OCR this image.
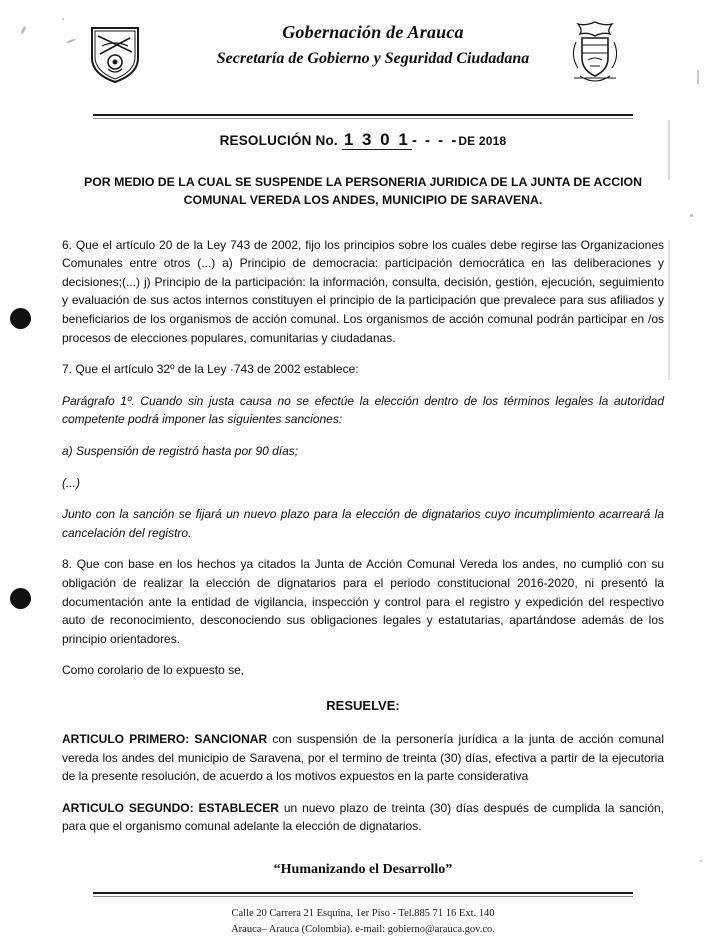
Gobernación de Arauca
Secretaría de Gobierno y Seguridad Ciudadana
RESOLUCIÓN No. 1 3 0 1 - - - -DE 2018
POR MEDIO DE LA CUAL SE SUSPENDE LA PERSONERIA JURIDICA DE LA JUNTA DE ACCION COMUNAL VEREDA LOS ANDES, MUNICIPIO DE SARAVENA.

6. Que el artículo 20 de la Ley 743 de 2002, fijo los principios sobre los cuales debe regirse las Organizaciones Comunales entre otros (...) a) Principio de democracia: participación democrática en las deliberaciones y decisiones;(...) j) Principio de la participación: la información, consulta, decisión, gestión, ejecución, seguimiento y evaluación de sus actos internos constituyen el principio de la participación que prevalece para sus afiliados y beneficiarios de los organismos de acción comunal. Los organismos de acción comunal podrán participar en /os procesos de elecciones populares, comunitarias y ciudadanas.

7. Que el artículo 32º de la Ley ·743 de 2002 establece:

Parágrafo 1º. Cuando sin justa causa no se efectúe la elección dentro de los términos legales la autoridad competente podrá imponer las siguientes sanciones:

a) Suspensión de registró hasta por 90 días;

(...)

Junto con la sanción se fijará un nuevo plazo para la elección de dignatarios cuyo incumplimiento acarreará la cancelación del registro.

8. Que con base en los hechos ya citados la Junta de Acción Comunal Vereda los andes, no cumplió con su obligación de realizar la elección de dignatarios para el periodo constitucional 2016-2020, ni presentó la documentación ante la entidad de vigilancia, inspección y control para el registro y expedición del respectivo auto de reconocimiento, desconociendo sus obligaciones legales y estatutarias, apartándose además de los principio orientadores.

Como corolario de lo expuesto se,

RESUELVE:

ARTICULO PRIMERO: SANCIONAR con suspensión de la personería jurídica a la junta de acción comunal vereda los andes del municipio de Saravena, por el termino de treinta (30) días, efectiva a partir de la ejecutoria de la presente resolución, de acuerdo a los motivos expuestos en la parte considerativa

ARTICULO SEGUNDO: ESTABLECER un nuevo plazo de treinta (30) días después de cumplida la sanción, para que el organismo comunal adelante la elección de dignatarios.

“Humanizando el Desarrollo”
Calle 20 Carrera 21 Esquina, 1er Piso - Tel.885 71 16 Ext. 140
Arauca– Arauca (Colombia). e-mail: gobierno@arauca.gov.co.
